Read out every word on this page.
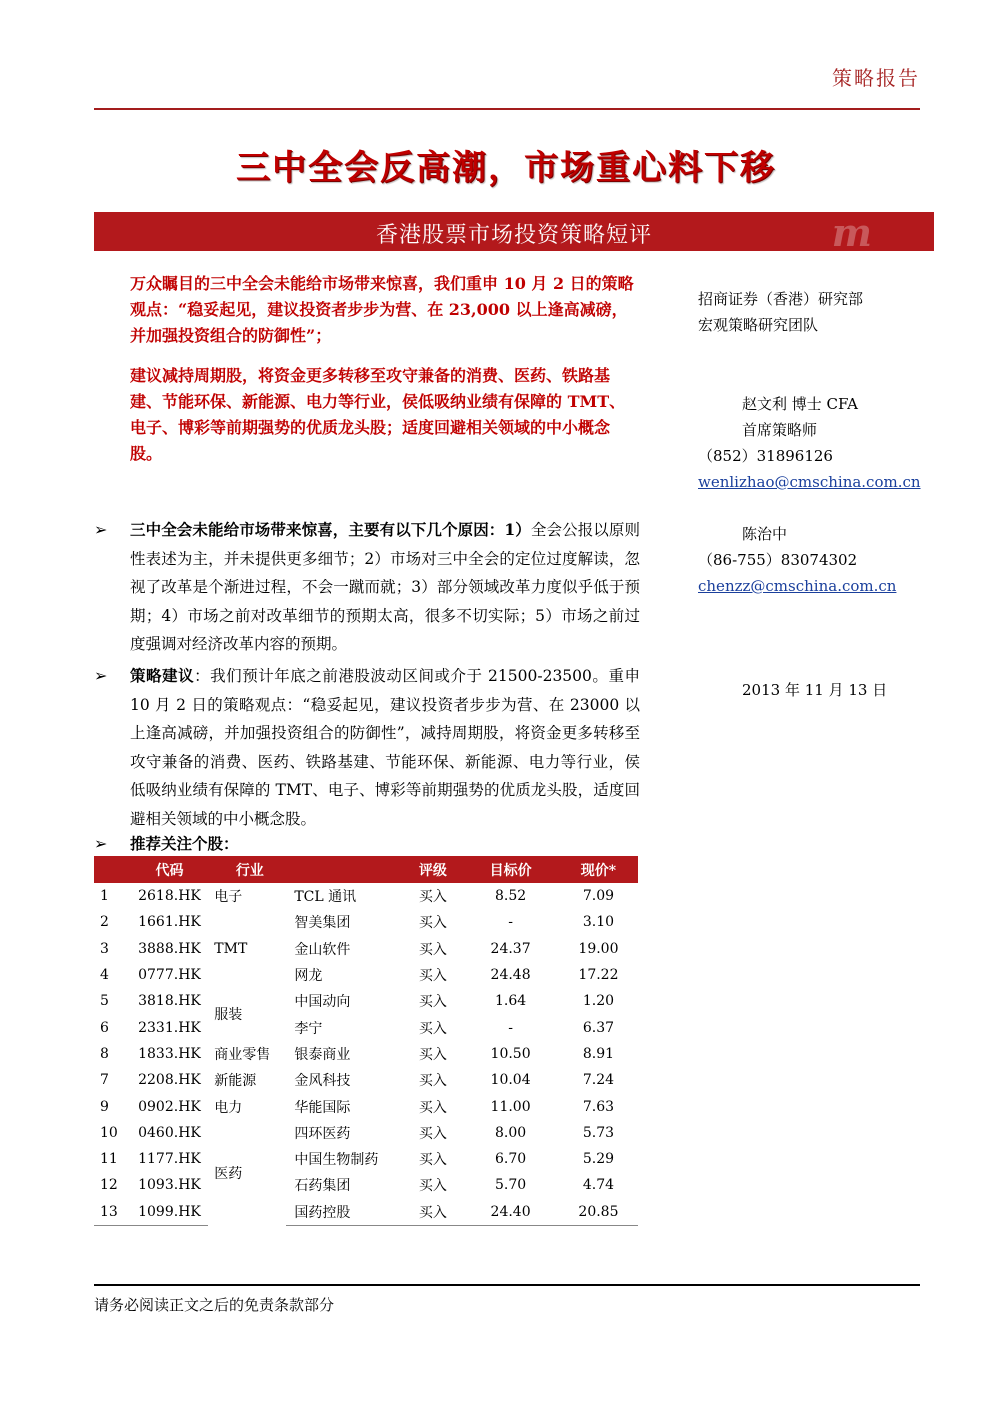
策略报告
三中全会反高潮，市场重心料下移
香港股票市场投资策略短评	m
万众瞩目的三中全会未能给市场带来惊喜，我们重申 10 月 2 日的策略观点：“稳妥起见，建议投资者步步为营、在 23,000 以上逢高减磅，并加强投资组合的防御性”；
建议减持周期股，将资金更多转移至攻守兼备的消费、医药、铁路基建、节能环保、新能源、电力等行业，侯低吸纳业绩有保障的 TMT、电子、博彩等前期强势的优质龙头股；适度回避相关领域的中小概念股。
招商证券（香港）研究部
宏观策略研究团队
赵文利 博士 CFA
首席策略师
（852）31896126
wenlizhao@cmschina.com.cn
陈治中
（86-755）83074302
chenzz@cmschina.com.cn
2013 年 11 月 13 日
➢ 三中全会未能给市场带来惊喜，主要有以下几个原因：1）全会公报以原则性表述为主，并未提供更多细节；2）市场对三中全会的定位过度解读，忽视了改革是个渐进过程，不会一蹴而就；3）部分领域改革力度似乎低于预期；4）市场之前对改革细节的预期太高，很多不切实际；5）市场之前过度强调对经济改革内容的预期。
➢ 策略建议：我们预计年底之前港股波动区间或介于 21500-23500。重申 10 月 2 日的策略观点：“稳妥起见，建议投资者步步为营、在 23000 以上逢高减磅，并加强投资组合的防御性”，减持周期股，将资金更多转移至攻守兼备的消费、医药、铁路基建、节能环保、新能源、电力等行业，侯低吸纳业绩有保障的 TMT、电子、博彩等前期强势的优质龙头股，适度回避相关领域的中小概念股。
➢ 推荐关注个股：
	代码	行业		评级	目标价	现价*
1	2618.HK	电子	TCL 通讯	买入	8.52	7.09
2	1661.HK	TMT	智美集团	买入	-	3.10
3	3888.HK		金山软件	买入	24.37	19.00
4	0777.HK		网龙	买入	24.48	17.22
5	3818.HK	服装	中国动向	买入	1.64	1.20
6	2331.HK		李宁	买入	-	6.37
8	1833.HK	商业零售	银泰商业	买入	10.50	8.91
7	2208.HK	新能源	金风科技	买入	10.04	7.24
9	0902.HK	电力	华能国际	买入	11.00	7.63
10	0460.HK	医药	四环医药	买入	8.00	5.73
11	1177.HK		中国生物制药	买入	6.70	5.29
12	1093.HK		石药集团	买入	5.70	4.74
13	1099.HK		国药控股	买入	24.40	20.85
请务必阅读正文之后的免责条款部分
